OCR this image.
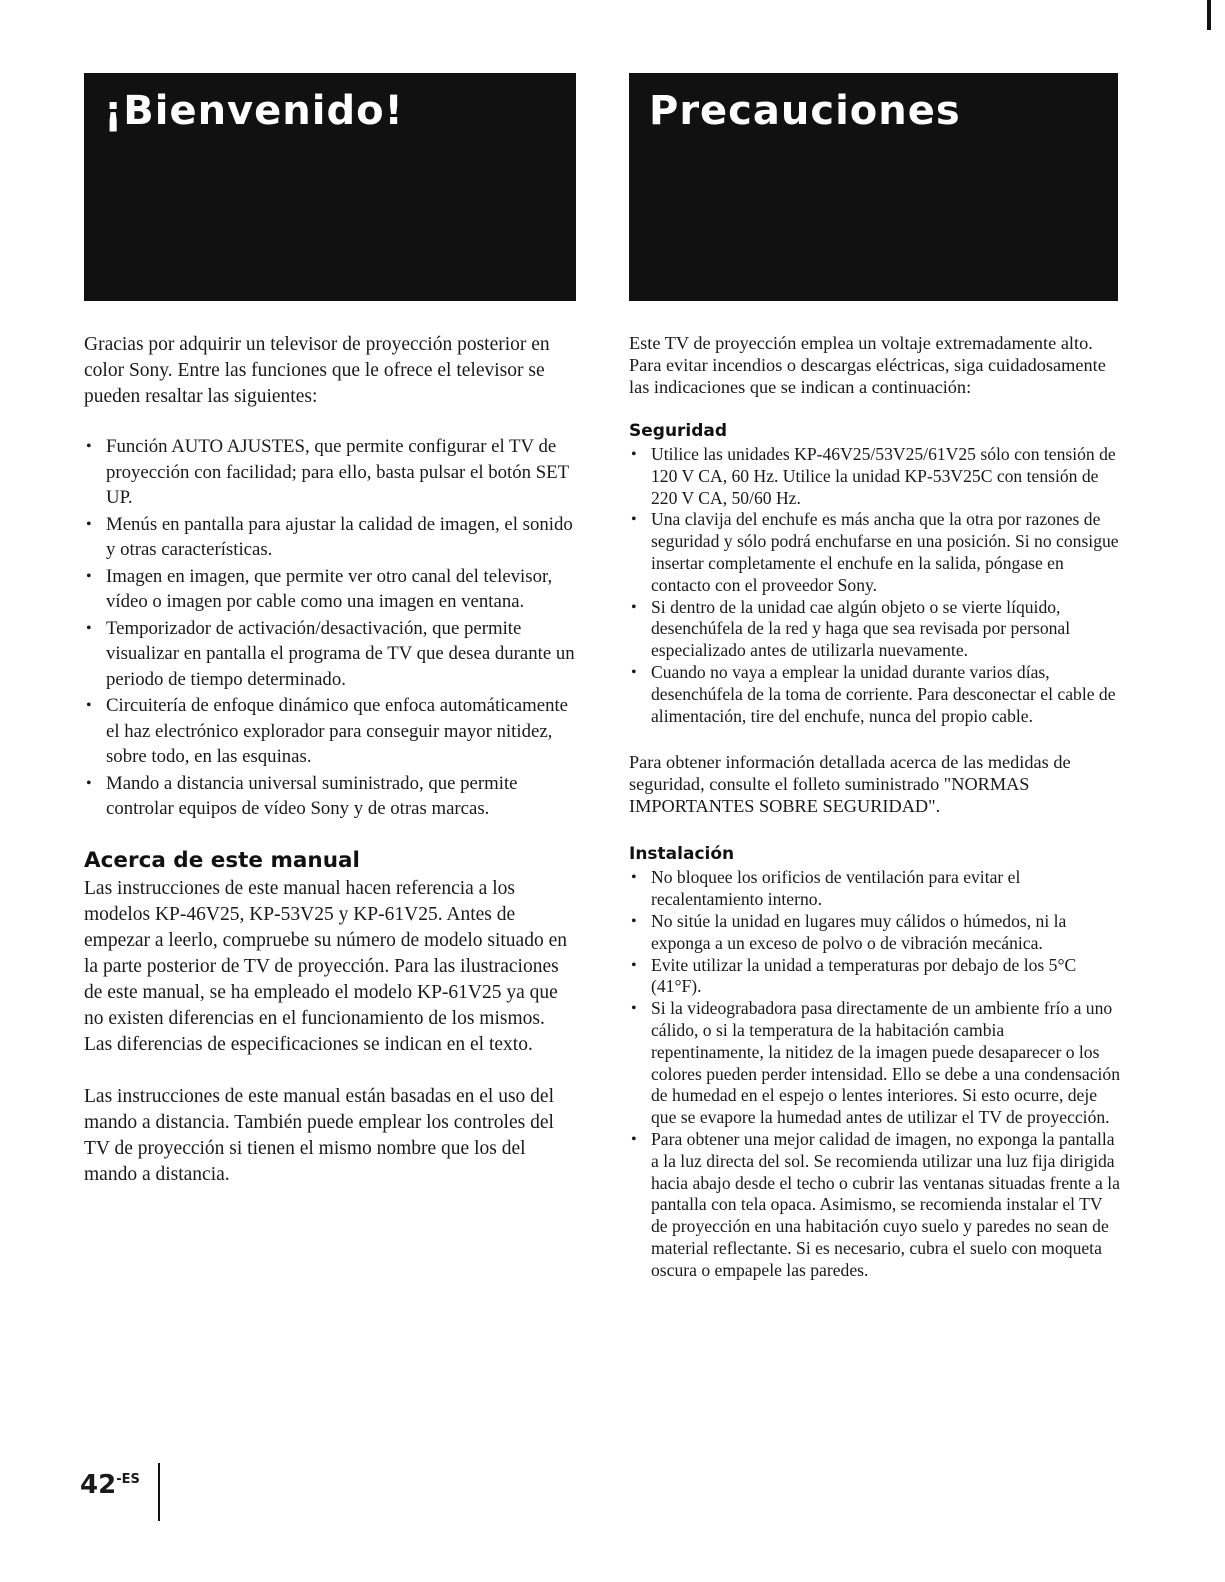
¡Bienvenido!	Precauciones

Gracias por adquirir un televisor de proyección posterior en color Sony. Entre las funciones que le ofrece el televisor se pueden resaltar las siguientes:

• Función AUTO AJUSTES, que permite configurar el TV de proyección con facilidad; para ello, basta pulsar el botón SET UP.
• Menús en pantalla para ajustar la calidad de imagen, el sonido y otras características.
• Imagen en imagen, que permite ver otro canal del televisor, vídeo o imagen por cable como una imagen en ventana.
• Temporizador de activación/desactivación, que permite visualizar en pantalla el programa de TV que desea durante un periodo de tiempo determinado.
• Circuitería de enfoque dinámico que enfoca automáticamente el haz electrónico explorador para conseguir mayor nitidez, sobre todo, en las esquinas.
• Mando a distancia universal suministrado, que permite controlar equipos de vídeo Sony y de otras marcas.
Acerca de este manual

Las instrucciones de este manual hacen referencia a los modelos KP-46V25, KP-53V25 y KP-61V25. Antes de empezar a leerlo, compruebe su número de modelo situado en la parte posterior de TV de proyección. Para las ilustraciones de este manual, se ha empleado el modelo KP-61V25 ya que no existen diferencias en el funcionamiento de los mismos. Las diferencias de especificaciones se indican en el texto.

Las instrucciones de este manual están basadas en el uso del mando a distancia. También puede emplear los controles del TV de proyección si tienen el mismo nombre que los del mando a distancia.

Este TV de proyección emplea un voltaje extremadamente alto. Para evitar incendios o descargas eléctricas, siga cuidadosamente las indicaciones que se indican a continuación:

Seguridad
• Utilice las unidades KP-46V25/53V25/61V25 sólo con tensión de 120 V CA, 60 Hz. Utilice la unidad KP-53V25C con tensión de 220 V CA, 50/60 Hz.
• Una clavija del enchufe es más ancha que la otra por razones de seguridad y sólo podrá enchufarse en una posición. Si no consigue insertar completamente el enchufe en la salida, póngase en contacto con el proveedor Sony.
• Si dentro de la unidad cae algún objeto o se vierte líquido, desenchúfela de la red y haga que sea revisada por personal especializado antes de utilizarla nuevamente.
• Cuando no vaya a emplear la unidad durante varios días, desenchúfela de la toma de corriente. Para desconectar el cable de alimentación, tire del enchufe, nunca del propio cable.

Para obtener información detallada acerca de las medidas de seguridad, consulte el folleto suministrado "NORMAS IMPORTANTES SOBRE SEGURIDAD".

Instalación
• No bloquee los orificios de ventilación para evitar el recalentamiento interno.
• No sitúe la unidad en lugares muy cálidos o húmedos, ni la exponga a un exceso de polvo o de vibración mecánica.
• Evite utilizar la unidad a temperaturas por debajo de los 5°C (41°F).
• Si la videograbadora pasa directamente de un ambiente frío a uno cálido, o si la temperatura de la habitación cambia repentinamente, la nitidez de la imagen puede desaparecer o los colores pueden perder intensidad. Ello se debe a una condensación de humedad en el espejo o lentes interiores. Si esto ocurre, deje que se evapore la humedad antes de utilizar el TV de proyección.
• Para obtener una mejor calidad de imagen, no exponga la pantalla a la luz directa del sol. Se recomienda utilizar una luz fija dirigida hacia abajo desde el techo o cubrir las ventanas situadas frente a la pantalla con tela opaca. Asimismo, se recomienda instalar el TV de proyección en una habitación cuyo suelo y paredes no sean de material reflectante. Si es necesario, cubra el suelo con moqueta oscura o empapele las paredes.
$42^{-ES}$
